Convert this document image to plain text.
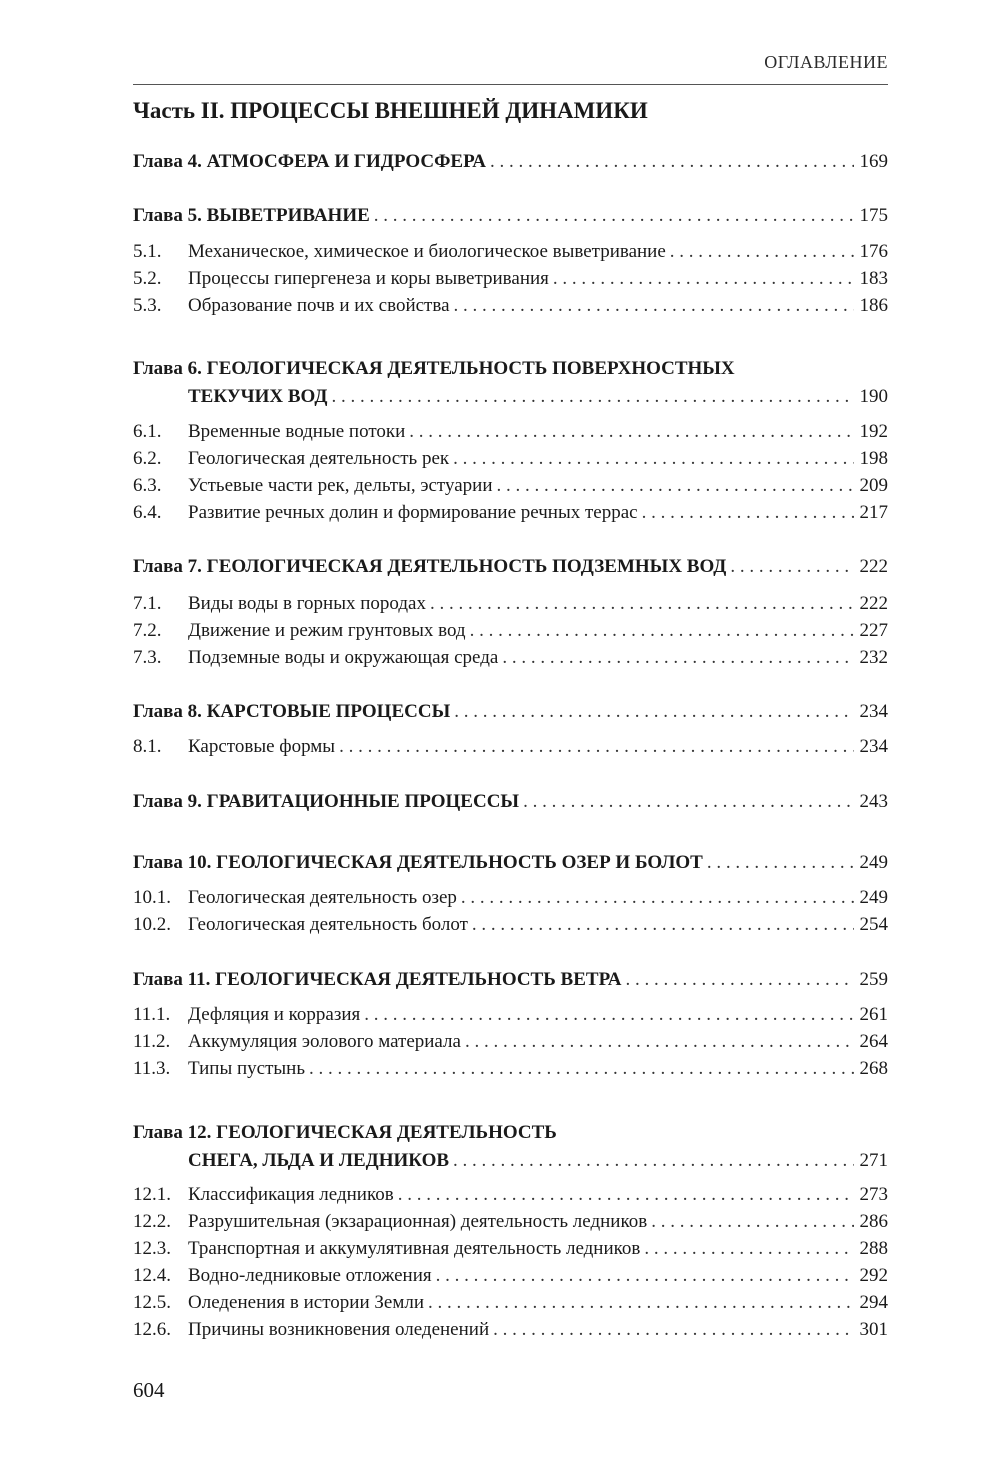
ОГЛАВЛЕНИЕ
Часть II. ПРОЦЕССЫ ВНЕШНЕЙ ДИНАМИКИ
Глава 4. АТМОСФЕРА И ГИДРОСФЕРА . . .	169
Глава 5. ВЫВЕТРИВАНИЕ . . .	175
5.1.	Механическое, химическое и биологическое выветривание . . .	176
5.2.	Процессы гипергенеза и коры выветривания . . .	183
5.3.	Образование почв и их свойства . . .	186
Глава 6. ГЕОЛОГИЧЕСКАЯ ДЕЯТЕЛЬНОСТЬ ПОВЕРХНОСТНЫХ
ТЕКУЧИХ ВОД . . .	190
6.1.	Временные водные потоки . . .	192
6.2.	Геологическая деятельность рек . . .	198
6.3.	Устьевые части рек, дельты, эстуарии . . .	209
6.4.	Развитие речных долин и формирование речных террас . . .	217
Глава 7. ГЕОЛОГИЧЕСКАЯ ДЕЯТЕЛЬНОСТЬ ПОДЗЕМНЫХ ВОД . . .	222
7.1.	Виды воды в горных породах . . .	222
7.2.	Движение и режим грунтовых вод . . .	227
7.3.	Подземные воды и окружающая среда . . .	232
Глава 8. КАРСТОВЫЕ ПРОЦЕССЫ . . .	234
8.1.	Карстовые формы . . .	234
Глава 9. ГРАВИТАЦИОННЫЕ ПРОЦЕССЫ . . .	243
Глава 10. ГЕОЛОГИЧЕСКАЯ ДЕЯТЕЛЬНОСТЬ ОЗЕР И БОЛОТ . . .	249
10.1. Геологическая деятельность озер . . .	249
10.2. Геологическая деятельность болот . . .	254
Глава 11. ГЕОЛОГИЧЕСКАЯ ДЕЯТЕЛЬНОСТЬ ВЕТРА . . .	259
11.1. Дефляция и корразия . . .	261
11.2. Аккумуляция эолового материала . . .	264
11.3. Типы пустынь . . .	268
Глава 12. ГЕОЛОГИЧЕСКАЯ ДЕЯТЕЛЬНОСТЬ
СНЕГА, ЛЬДА И ЛЕДНИКОВ . . .	271
12.1. Классификация ледников . . .	273
12.2. Разрушительная (экзарационная) деятельность ледников . . .	286
12.3. Транспортная и аккумулятивная деятельность ледников . . .	288
12.4. Водно-ледниковые отложения . . .	292
12.5. Оледенения в истории Земли . . .	294
12.6. Причины возникновения оледенений . . .	301
604
